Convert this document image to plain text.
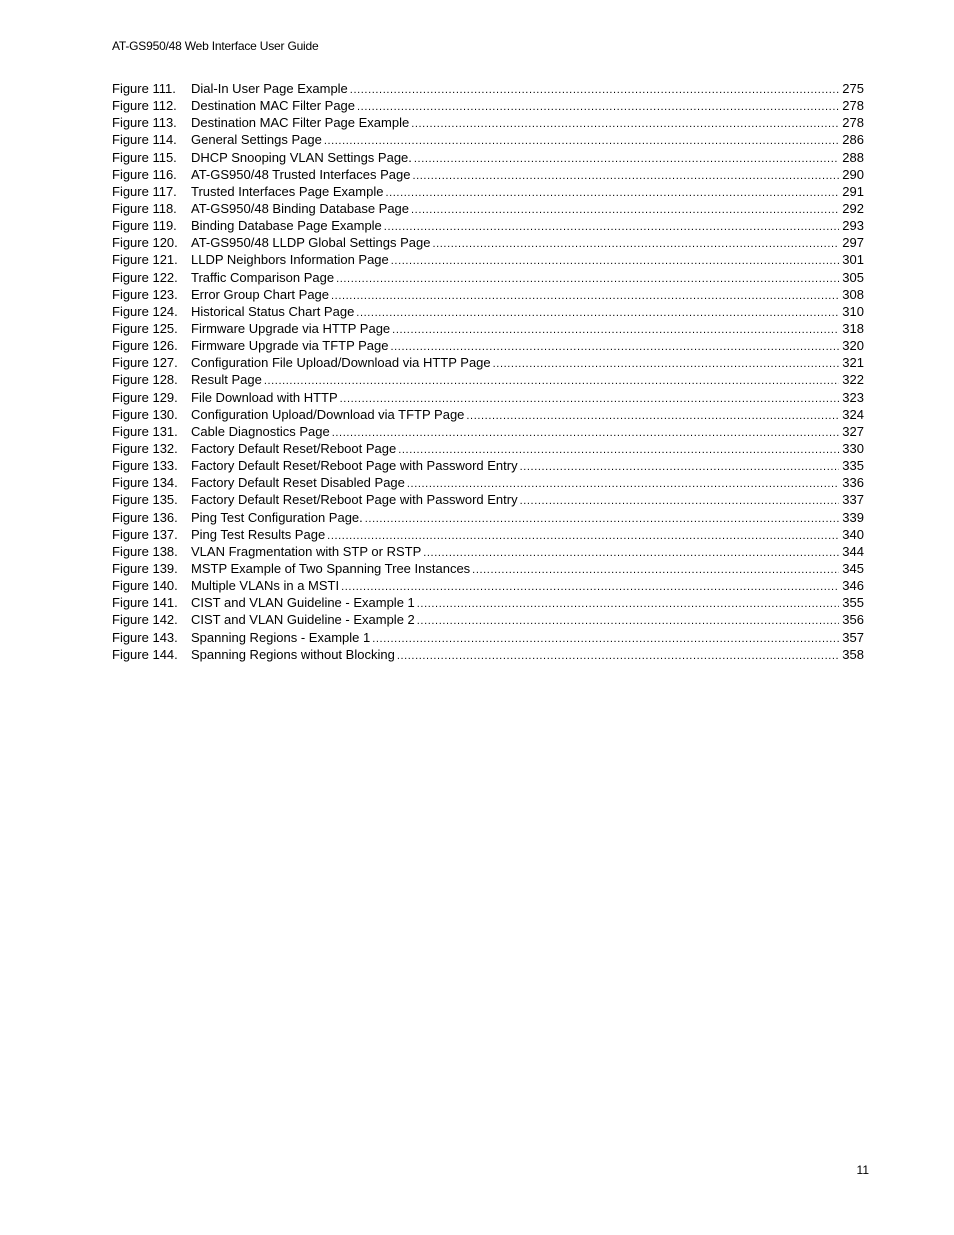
AT-GS950/48 Web Interface User Guide
Figure 111.	Dial-In User Page Example .....	275
Figure 112.	Destination MAC Filter Page .....	278
Figure 113.	Destination MAC Filter Page Example .....	278
Figure 114.	General Settings Page .....	286
Figure 115.	DHCP Snooping VLAN Settings Page. .....	288
Figure 116.	AT-GS950/48 Trusted Interfaces Page .....	290
Figure 117.	Trusted Interfaces Page Example .....	291
Figure 118.	AT-GS950/48 Binding Database Page .....	292
Figure 119.	Binding Database Page Example .....	293
Figure 120.	AT-GS950/48 LLDP Global Settings Page .....	297
Figure 121.	LLDP Neighbors Information Page .....	301
Figure 122.	Traffic Comparison Page .....	305
Figure 123.	Error Group Chart Page .....	308
Figure 124.	Historical Status Chart Page .....	310
Figure 125.	Firmware Upgrade via HTTP Page .....	318
Figure 126.	Firmware Upgrade via TFTP Page .....	320
Figure 127.	Configuration File Upload/Download via HTTP Page .....	321
Figure 128.	Result Page .....	322
Figure 129.	File Download with HTTP .....	323
Figure 130.	Configuration Upload/Download via TFTP Page .....	324
Figure 131.	Cable Diagnostics Page .....	327
Figure 132.	Factory Default Reset/Reboot Page .....	330
Figure 133.	Factory Default Reset/Reboot Page with Password Entry .....	335
Figure 134.	Factory Default Reset Disabled Page .....	336
Figure 135.	Factory Default Reset/Reboot Page with Password Entry .....	337
Figure 136.	Ping Test Configuration Page. .....	339
Figure 137.	Ping Test Results Page .....	340
Figure 138.	VLAN Fragmentation with STP or RSTP .....	344
Figure 139.	MSTP Example of Two Spanning Tree Instances .....	345
Figure 140.	Multiple VLANs in a MSTI .....	346
Figure 141.	CIST and VLAN Guideline - Example 1 .....	355
Figure 142.	CIST and VLAN Guideline - Example 2 .....	356
Figure 143.	Spanning Regions - Example 1 .....	357
Figure 144.	Spanning Regions without Blocking .....	358
11
